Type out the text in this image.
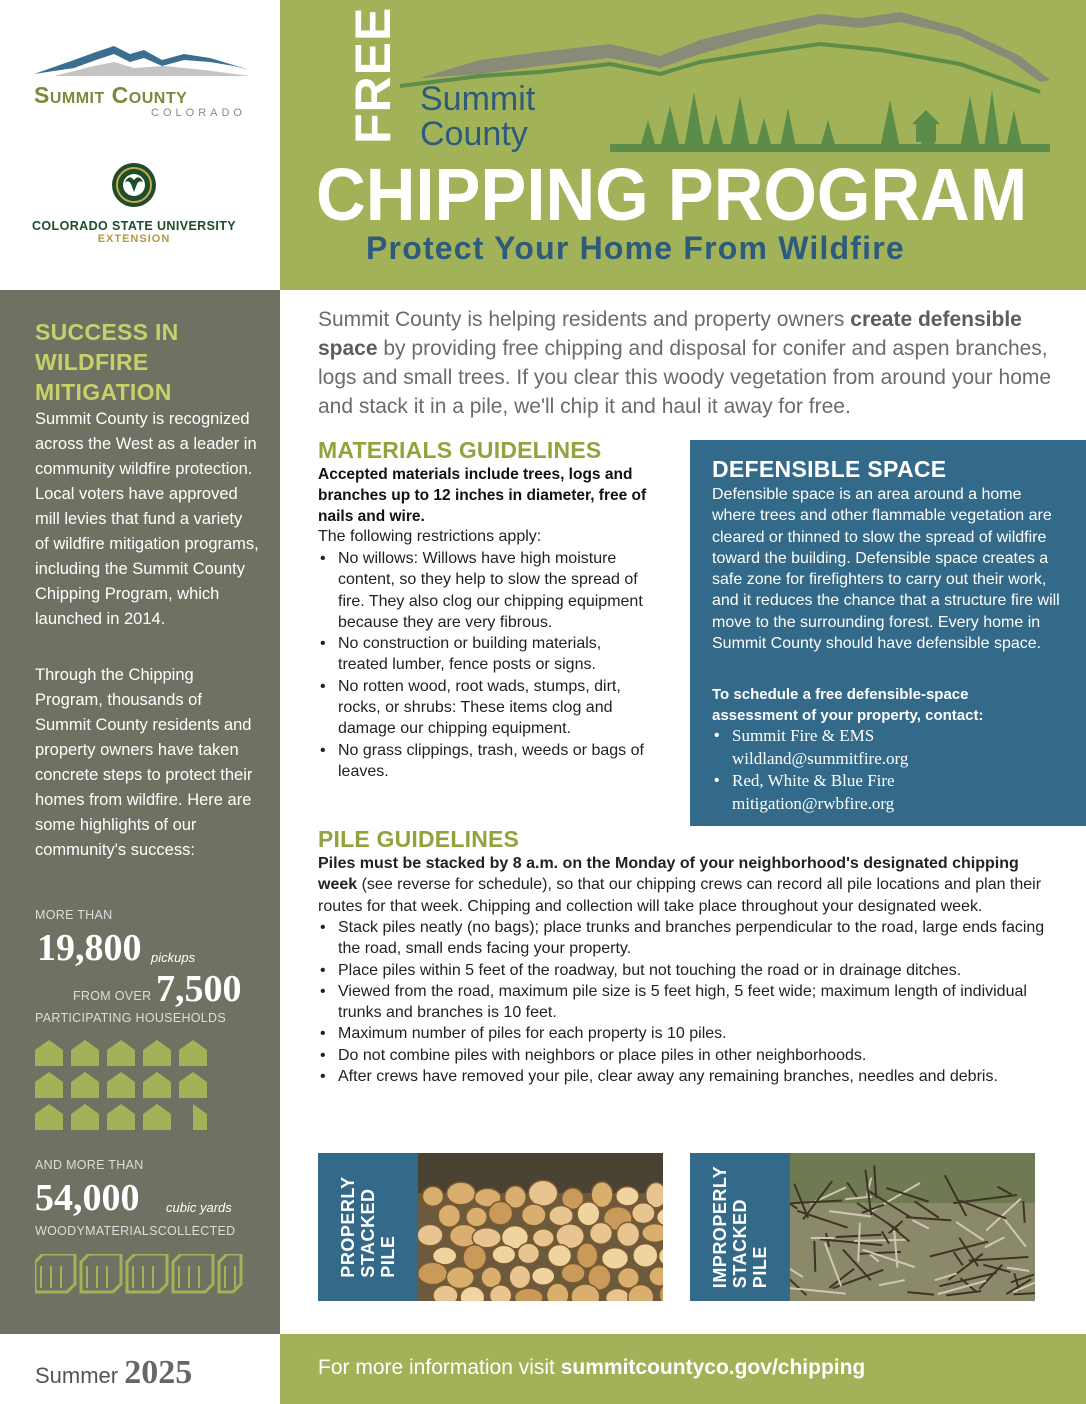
Summit County
COLORADO
COLORADO STATE UNIVERSITY
EXTENSION
FREE Summit
County
CHIPPING PROGRAM
Protect Your Home From Wildfire
SUCCESS IN WILDFIRE MITIGATION
Summit County is recognized across the West as a leader in community wildfire protection. Local voters have approved mill levies that fund a variety of wildfire mitigation programs, including the Summit County Chipping Program, which launched in 2014.
Through the Chipping Program, thousands of Summit County residents and property owners have taken concrete steps to protect their homes from wildfire. Here are some highlights of our community's success:
MORE THAN
19,800 pickups
FROM OVER 7,500
PARTICIPATING HOUSEHOLDS
AND MORE THAN
54,000 cubic yards
WOODYMATERIALSCOLLECTED
Summer 2025	For more information visit summitcountyco.gov/chipping
Summit County is helping residents and property owners create defensible space by providing free chipping and disposal for conifer and aspen branches, logs and small trees. If you clear this woody vegetation from around your home and stack it in a pile, we'll chip it and haul it away for free.
MATERIALS GUIDELINES
Accepted materials include trees, logs and branches up to 12 inches in diameter, free of nails and wire.
The following restrictions apply:
• No willows: Willows have high moisture content, so they help to slow the spread of fire. They also clog our chipping equipment because they are very fibrous.
• No construction or building materials, treated lumber, fence posts or signs.
• No rotten wood, root wads, stumps, dirt, rocks, or shrubs: These items clog and damage our chipping equipment.
• No grass clippings, trash, weeds or bags of leaves.
DEFENSIBLE SPACE
Defensible space is an area around a home where trees and other flammable vegetation are cleared or thinned to slow the spread of wildfire toward the building. Defensible space creates a safe zone for firefighters to carry out their work, and it reduces the chance that a structure fire will move to the surrounding forest. Every home in Summit County should have defensible space.
To schedule a free defensible-space assessment of your property, contact:
• Summit Fire & EMS
wildland@summitfire.org
• Red, White & Blue Fire
mitigation@rwbfire.org
PILE GUIDELINES
Piles must be stacked by 8 a.m. on the Monday of your neighborhood's designated chipping week (see reverse for schedule), so that our chipping crews can record all pile locations and plan their routes for that week. Chipping and collection will take place throughout your designated week.
• Stack piles neatly (no bags); place trunks and branches perpendicular to the road, large ends facing the road, small ends facing your property.
• Place piles within 5 feet of the roadway, but not touching the road or in drainage ditches.
• Viewed from the road, maximum pile size is 5 feet high, 5 feet wide; maximum length of individual trunks and branches is 10 feet.
• Maximum number of piles for each property is 10 piles.
• Do not combine piles with neighbors or place piles in other neighborhoods.
• After crews have removed your pile, clear away any remaining branches, needles and debris.
PROPERLY
STACKED
PILE	IMPROPERLY
STACKED
PILE
